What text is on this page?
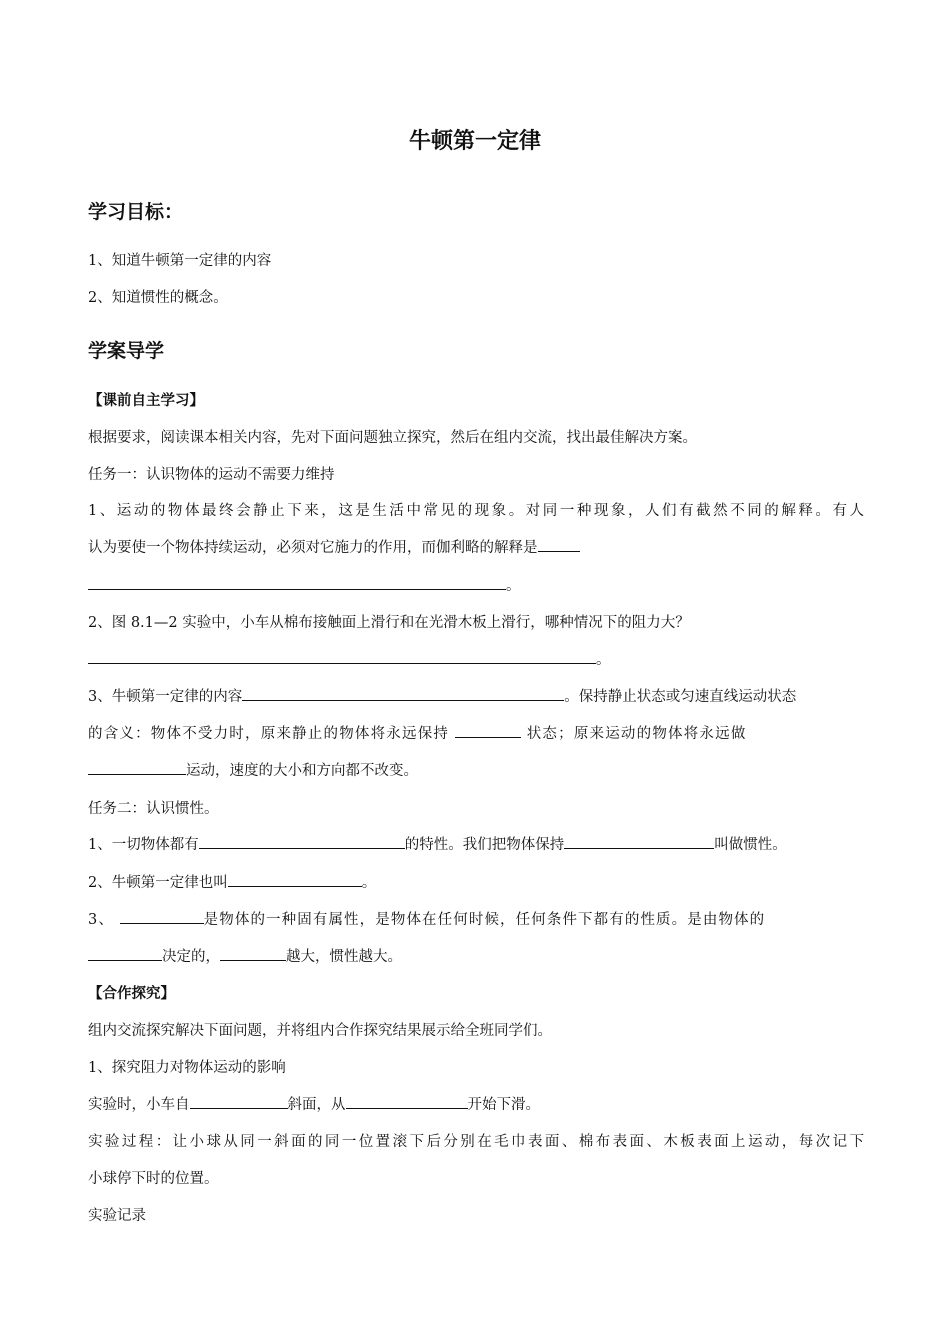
牛顿第一定律
学习目标：
1、知道牛顿第一定律的内容
2、知道惯性的概念。
学案导学
【课前自主学习】
根据要求，阅读课本相关内容，先对下面问题独立探究，然后在组内交流，找出最佳解决方案。
任务一：认识物体的运动不需要力维持
1、运动的物体最终会静止下来，这是生活中常见的现象。对同一种现象，人们有截然不同的解释。有人
认为要使一个物体持续运动，必须对它施力的作用，而伽利略的解释是
。
2、图 8.1—2 实验中，小车从棉布接触面上滑行和在光滑木板上滑行，哪种情况下的阻力大？
。
3、牛顿第一定律的内容	。保持静止状态或匀速直线运动状态
的含义：物体不受力时，原来静止的物体将永远保持	状态；原来运动的物体将永远做
运动，速度的大小和方向都不改变。
任务二：认识惯性。
1、一切物体都有	的特性。我们把物体保持	叫做惯性。
2、牛顿第一定律也叫	。
3、	是物体的一种固有属性，是物体在任何时候，任何条件下都有的性质。是由物体的
决定的，	越大，惯性越大。
【合作探究】
组内交流探究解决下面问题，并将组内合作探究结果展示给全班同学们。
1、探究阻力对物体运动的影响
实验时，小车自	斜面，从	开始下滑。
实验过程：让小球从同一斜面的同一位置滚下后分别在毛巾表面、棉布表面、木板表面上运动，每次记下
小球停下时的位置。
实验记录
